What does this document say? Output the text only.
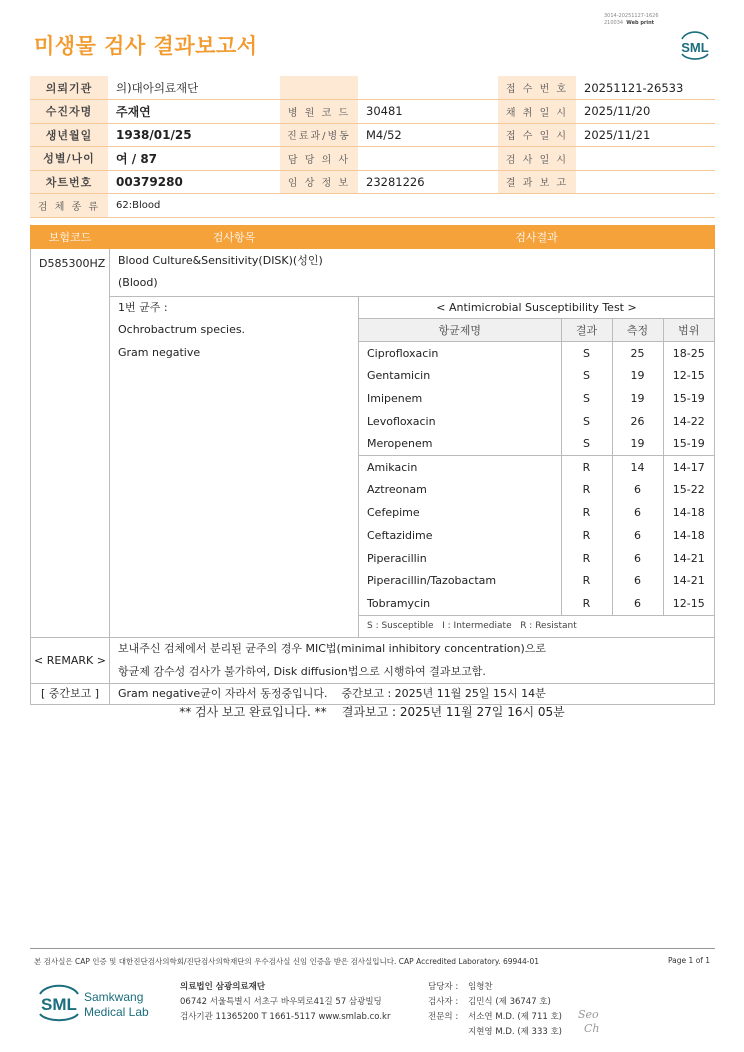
미생물 검사 결과보고서
3014-20251127-1626
210034 Web print
SML
의뢰기관	의)대아의료재단			접 수 번 호	20251121-26533
수진자명	주재연	병 원 코 드	30481	채 취 일 시	2025/11/20
생년월일	1938/01/25	진료과/병동	M4/52	접 수 일 시	2025/11/21
성별/나이	여 / 87	담 당 의 사		검 사 일 시	
차트번호	00379280	임 상 정 보	23281226	결 과 보 고	
검 체 종 류	62:Blood				
보험코드	검사항목	검사결과

D585300HZ	Blood Culture&Sensitivity(DISK)(성인)
(Blood)

1번 균주 :
Ochrobactrum species.
Gram negative

< Antimicrobial Susceptibility Test >
항균제명	결과	측정	범위
Ciprofloxacin	S	25	18-25
Gentamicin	S	19	12-15
Imipenem	S	19	15-19
Levofloxacin	S	26	14-22
Meropenem	S	19	15-19
Amikacin	R	14	14-17
Aztreonam	R	6	15-22
Cefepime	R	6	14-18
Ceftazidime	R	6	14-18
Piperacillin	R	6	14-21
Piperacillin/Tazobactam	R	6	14-21
Tobramycin	R	6	12-15
S : Susceptible   I : Intermediate   R : Resistant

< REMARK >	
보내주신 검체에서 분리된 균주의 경우 MIC법(minimal inhibitory concentration)으로
항균제 감수성 검사가 불가하여, Disk diffusion법으로 시행하여 결과보고함.

[ 중간보고 ]	Gram negative균이 자라서 동정중입니다.    중간보고 : 2025년 11월 25일 15시 14분
** 검사 보고 완료입니다. **    결과보고 : 2025년 11월 27일 16시 05분
본 검사실은 CAP 인증 및 대한진단검사의학회/진단검사의학재단의 우수검사실 신임 인증을 받은 검사실입니다. CAP Accredited Laboratory. 69944-01	Page 1 of 1
SML Samkwang
Medical Lab
의료법인 삼광의료재단
06742 서울특별시 서초구 바우뫼로41길 57 삼광빌딩
검사기관 11365200 T 1661-5117 www.smlab.co.kr
담당자 : 임형찬
검사자 : 김민식 (제 36747 호)
전문의 : 서소연 M.D. (제 711 호)
지현영 M.D. (제 333 호)
Seo
Ch
